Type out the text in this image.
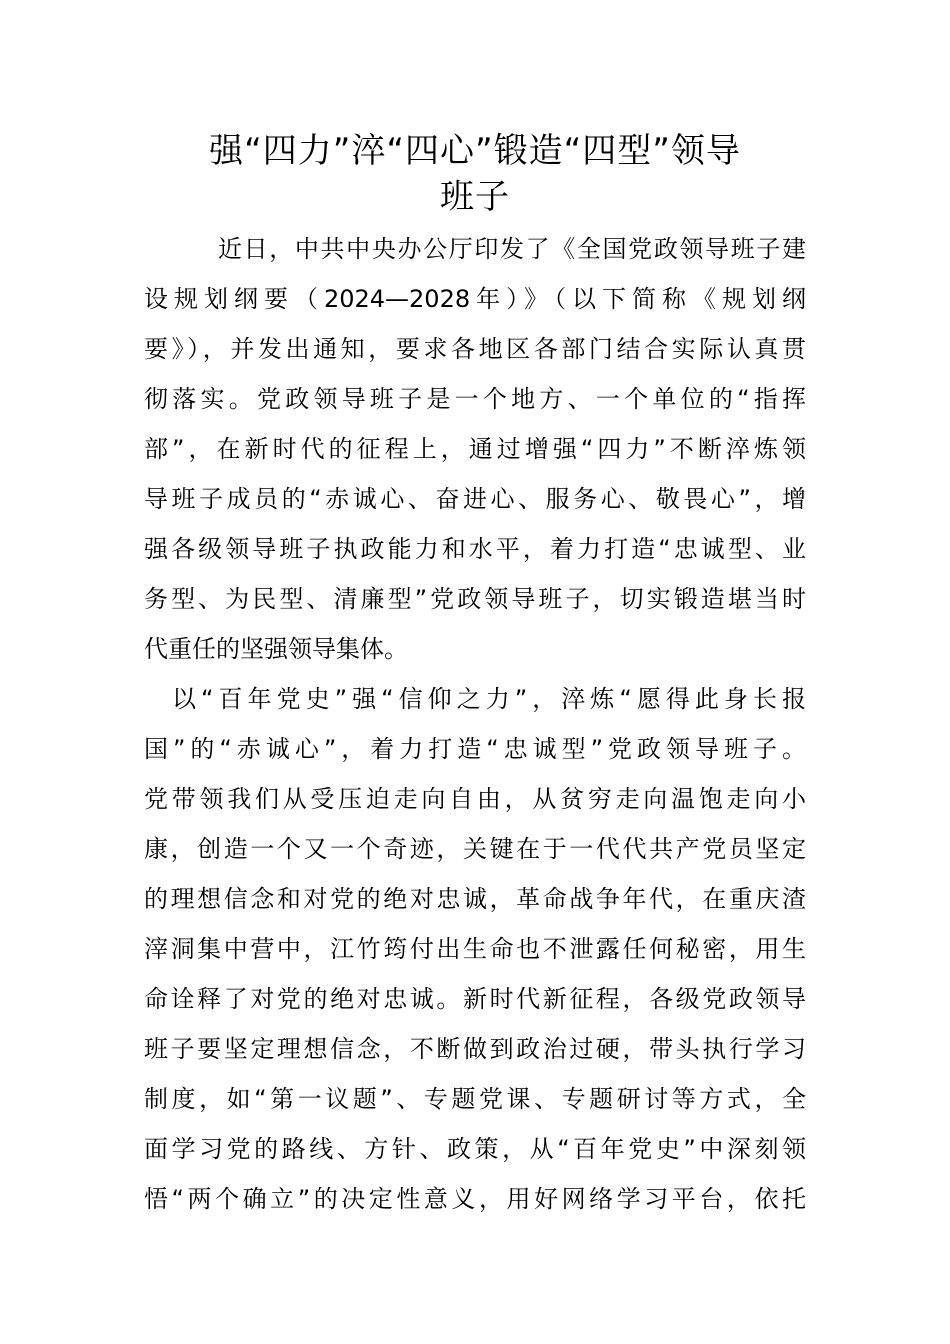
强“四力”淬“四心”锻造“四型”领导
班子
近日，中共中央办公厅印发了《全国党政领导班子建
设规划纲要（2024—2028年）》（以下简称《规划纲
要》），并发出通知，要求各地区各部门结合实际认真贯
彻落实。党政领导班子是一个地方、一个单位的“指挥
部”，在新时代的征程上，通过增强“四力”不断淬炼领
导班子成员的“赤诚心、奋进心、服务心、敬畏心”，增
强各级领导班子执政能力和水平，着力打造“忠诚型、业
务型、为民型、清廉型”党政领导班子，切实锻造堪当时
代重任的坚强领导集体。
以“百年党史”强“信仰之力”，淬炼“愿得此身长报
国”的“赤诚心”，着力打造“忠诚型”党政领导班子。
党带领我们从受压迫走向自由，从贫穷走向温饱走向小
康，创造一个又一个奇迹，关键在于一代代共产党员坚定
的理想信念和对党的绝对忠诚，革命战争年代，在重庆渣
滓洞集中营中，江竹筠付出生命也不泄露任何秘密，用生
命诠释了对党的绝对忠诚。新时代新征程，各级党政领导
班子要坚定理想信念，不断做到政治过硬，带头执行学习
制度，如“第一议题”、专题党课、专题研讨等方式，全
面学习党的路线、方针、政策，从“百年党史”中深刻领
悟“两个确立”的决定性意义，用好网络学习平台，依托
